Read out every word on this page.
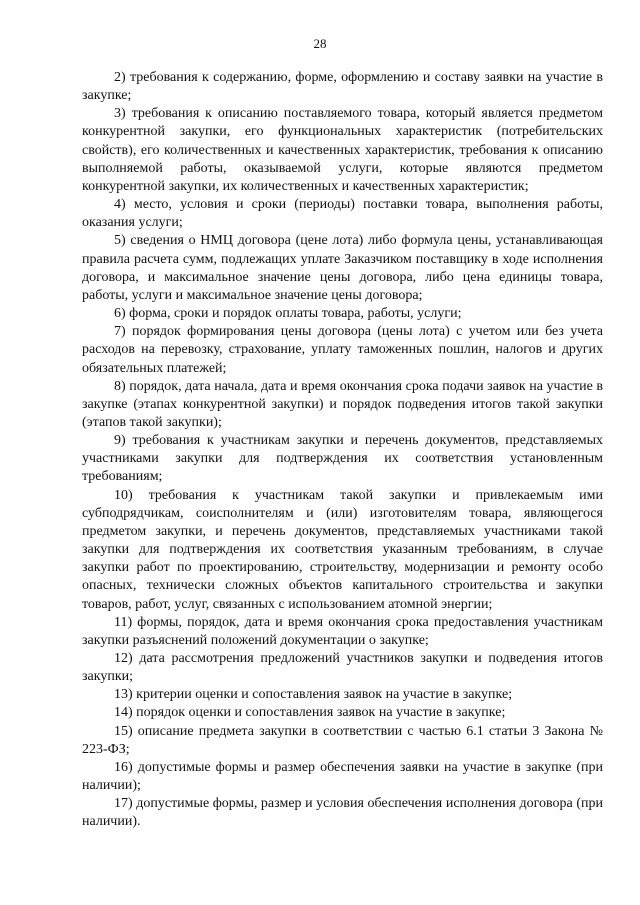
28

2) требования к содержанию, форме, оформлению и составу заявки на участие в закупке;

3) требования к описанию поставляемого товара, который является предметом конкурентной закупки, его функциональных характеристик (потребительских свойств), его количественных и качественных характеристик, требования к описанию выполняемой работы, оказываемой услуги, которые являются предметом конкурентной закупки, их количественных и качественных характеристик;

4) место, условия и сроки (периоды) поставки товара, выполнения работы, оказания услуги;

5) сведения о НМЦ договора (цене лота) либо формула цены, устанавливающая правила расчета сумм, подлежащих уплате Заказчиком поставщику в ходе исполнения договора, и максимальное значение цены договора, либо цена единицы товара, работы, услуги и максимальное значение цены договора;

6) форма, сроки и порядок оплаты товара, работы, услуги;

7) порядок формирования цены договора (цены лота) с учетом или без учета расходов на перевозку, страхование, уплату таможенных пошлин, налогов и других обязательных платежей;

8) порядок, дата начала, дата и время окончания срока подачи заявок на участие в закупке (этапах конкурентной закупки) и порядок подведения итогов такой закупки (этапов такой закупки);

9) требования к участникам закупки и перечень документов, представляемых участниками закупки для подтверждения их соответствия установленным требованиям;

10) требования к участникам такой закупки и привлекаемым ими субподрядчикам, соисполнителям и (или) изготовителям товара, являющегося предметом закупки, и перечень документов, представляемых участниками такой закупки для подтверждения их соответствия указанным требованиям, в случае закупки работ по проектированию, строительству, модернизации и ремонту особо опасных, технически сложных объектов капитального строительства и закупки товаров, работ, услуг, связанных с использованием атомной энергии;

11) формы, порядок, дата и время окончания срока предоставления участникам закупки разъяснений положений документации о закупке;

12) дата рассмотрения предложений участников закупки и подведения итогов закупки;

13) критерии оценки и сопоставления заявок на участие в закупке;

14) порядок оценки и сопоставления заявок на участие в закупке;

15) описание предмета закупки в соответствии с частью 6.1 статьи 3 Закона № 223-ФЗ;

16) допустимые формы и размер обеспечения заявки на участие в закупке (при наличии);

17) допустимые формы, размер и условия обеспечения исполнения договора (при наличии).
